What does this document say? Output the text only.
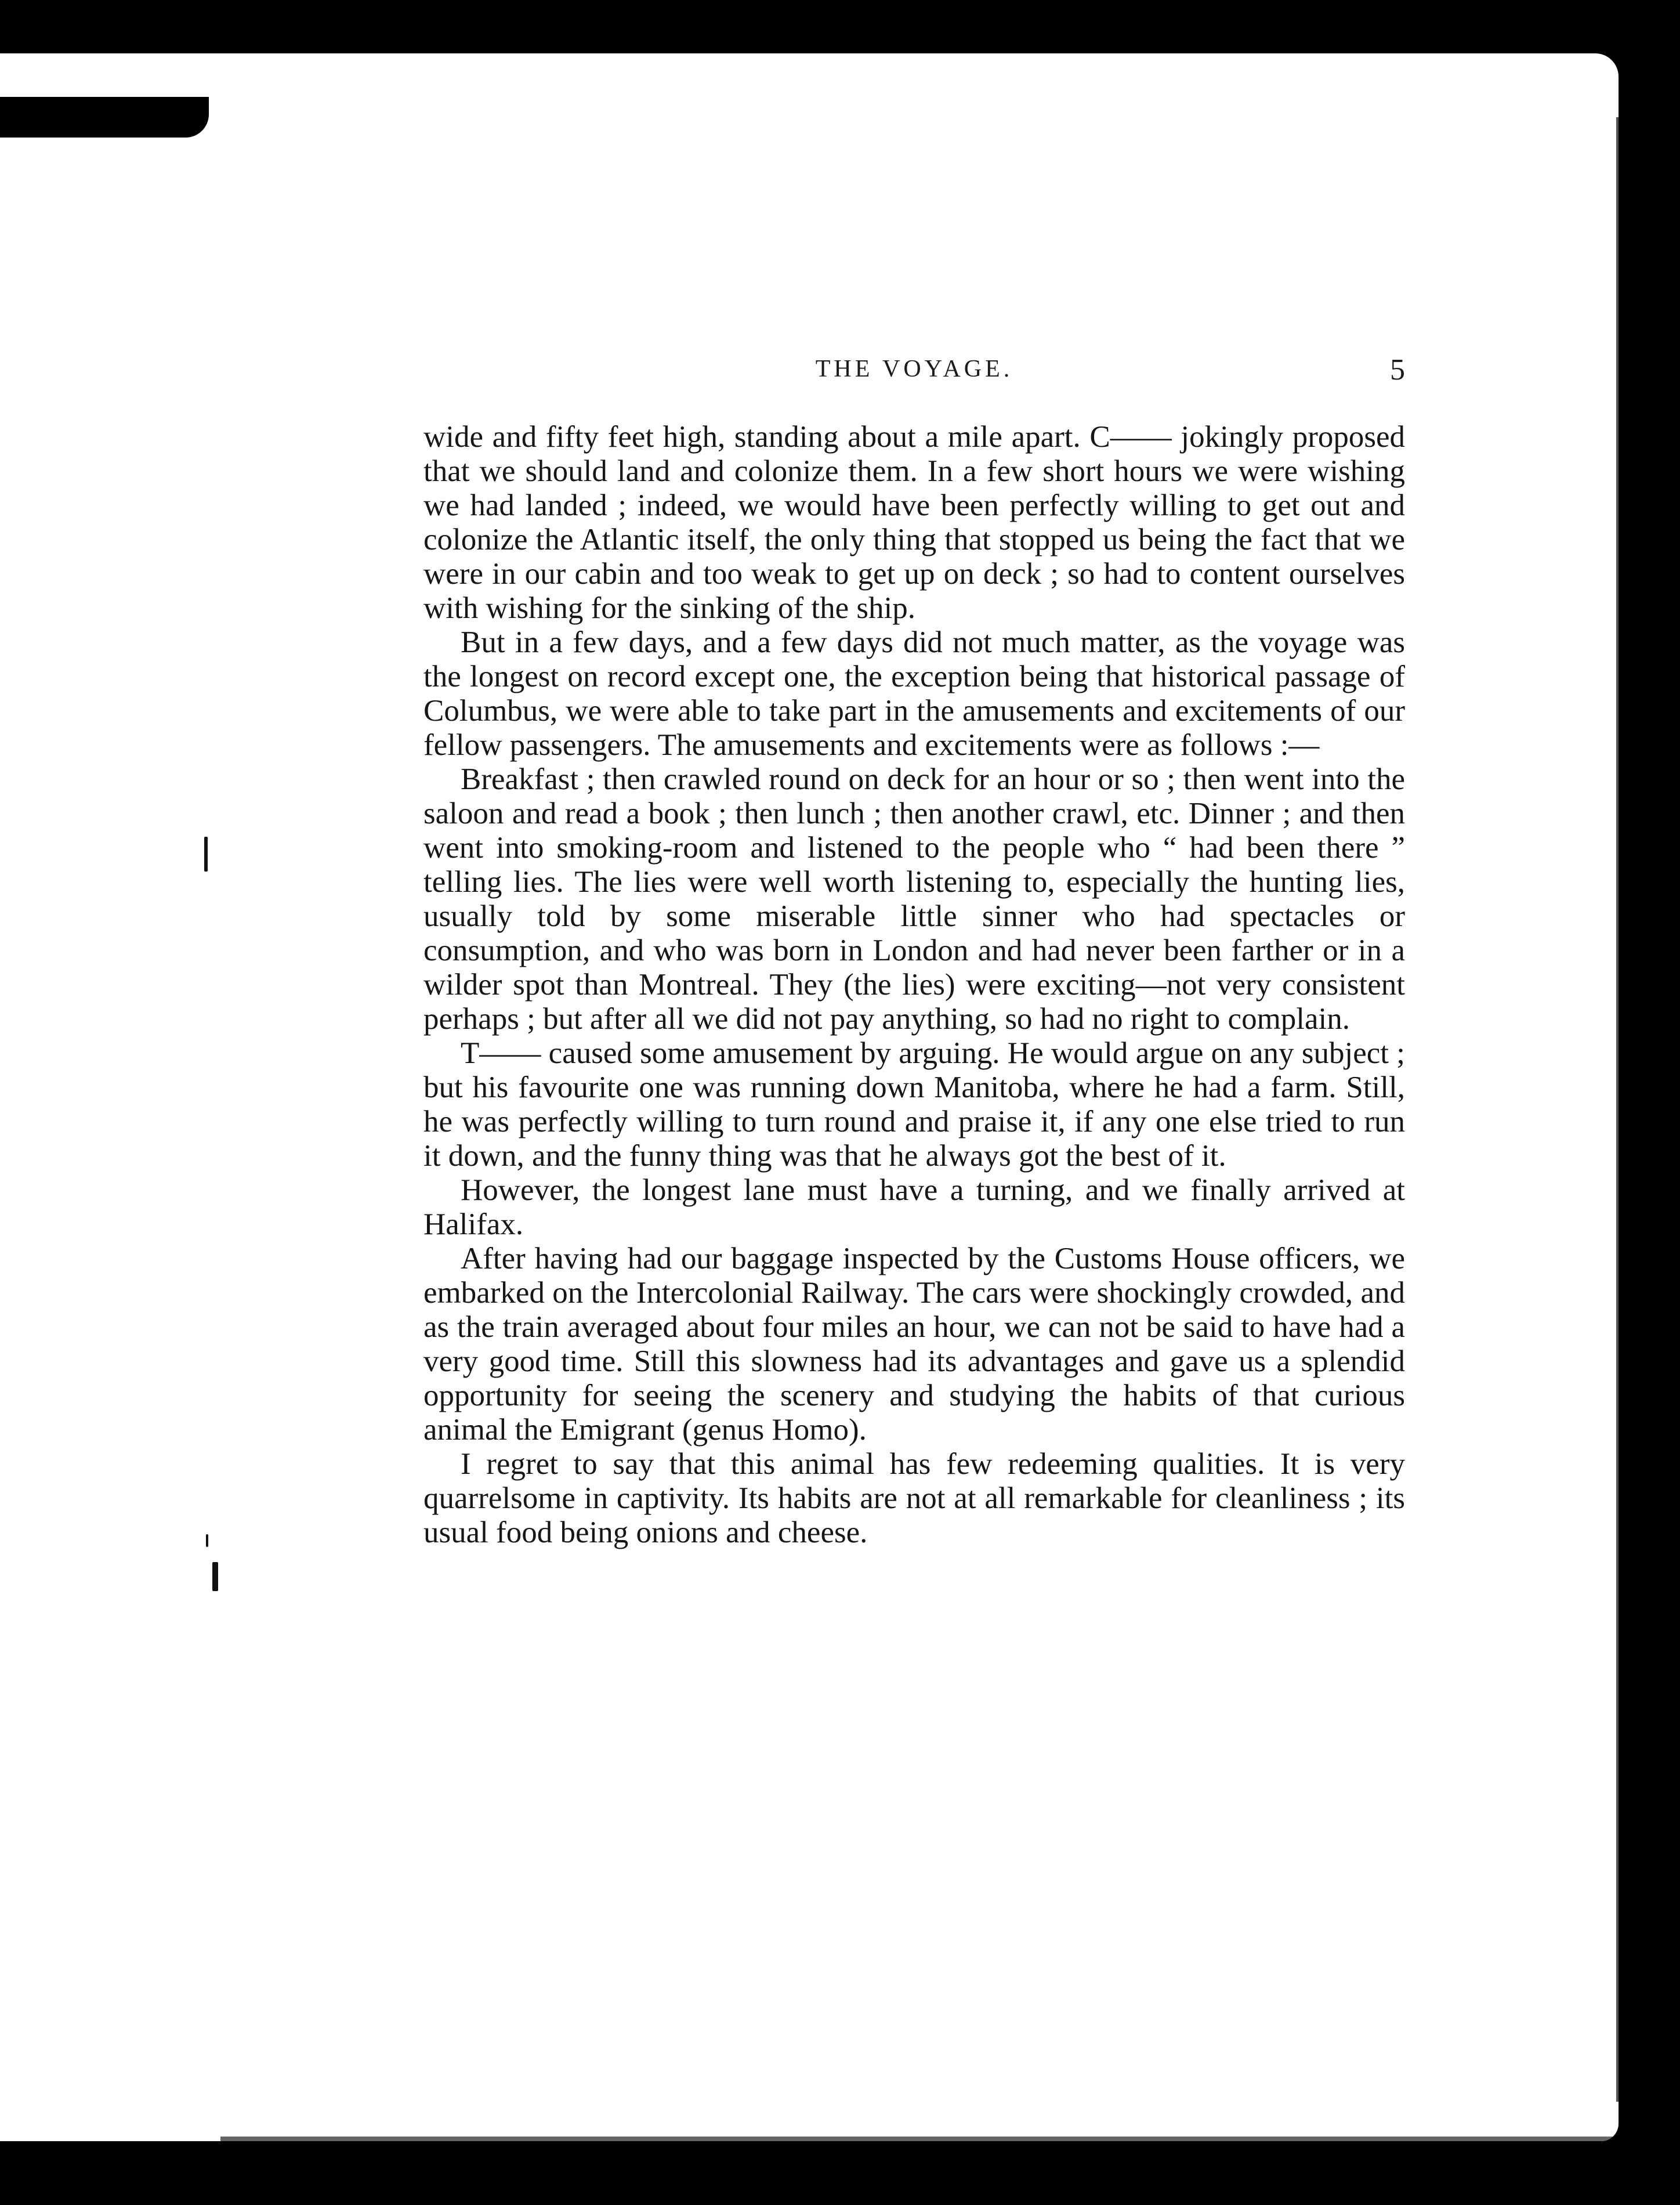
THE VOYAGE.	5

wide and fifty feet high, standing about a mile apart. C—— jokingly proposed that we should land and colonize them. In a few short hours we were wishing we had landed ; indeed, we would have been perfectly willing to get out and colonize the Atlantic itself, the only thing that stopped us being the fact that we were in our cabin and too weak to get up on deck ; so had to content ourselves with wishing for the sinking of the ship.

But in a few days, and a few days did not much matter, as the voyage was the longest on record except one, the exception being that historical passage of Columbus, we were able to take part in the amusements and excitements of our fellow passengers. The amusements and excitements were as follows :—

Breakfast ; then crawled round on deck for an hour or so ; then went into the saloon and read a book ; then lunch ; then another crawl, etc. Dinner ; and then went into smoking-room and listened to the people who “ had been there ” telling lies. The lies were well worth listening to, especially the hunting lies, usually told by some miserable little sinner who had spectacles or consumption, and who was born in London and had never been farther or in a wilder spot than Montreal. They (the lies) were exciting—not very consistent perhaps ; but after all we did not pay anything, so had no right to complain.

T—— caused some amusement by arguing. He would argue on any subject ; but his favourite one was running down Manitoba, where he had a farm. Still, he was perfectly willing to turn round and praise it, if any one else tried to run it down, and the funny thing was that he always got the best of it.

However, the longest lane must have a turning, and we finally arrived at Halifax.

After having had our baggage inspected by the Customs House officers, we embarked on the Intercolonial Railway. The cars were shockingly crowded, and as the train averaged about four miles an hour, we can not be said to have had a very good time. Still this slowness had its advantages and gave us a splendid opportunity for seeing the scenery and studying the habits of that curious animal the Emigrant (genus Homo).

I regret to say that this animal has few redeeming qualities. It is very quarrelsome in captivity. Its habits are not at all remarkable for cleanliness ; its usual food being onions and cheese.
